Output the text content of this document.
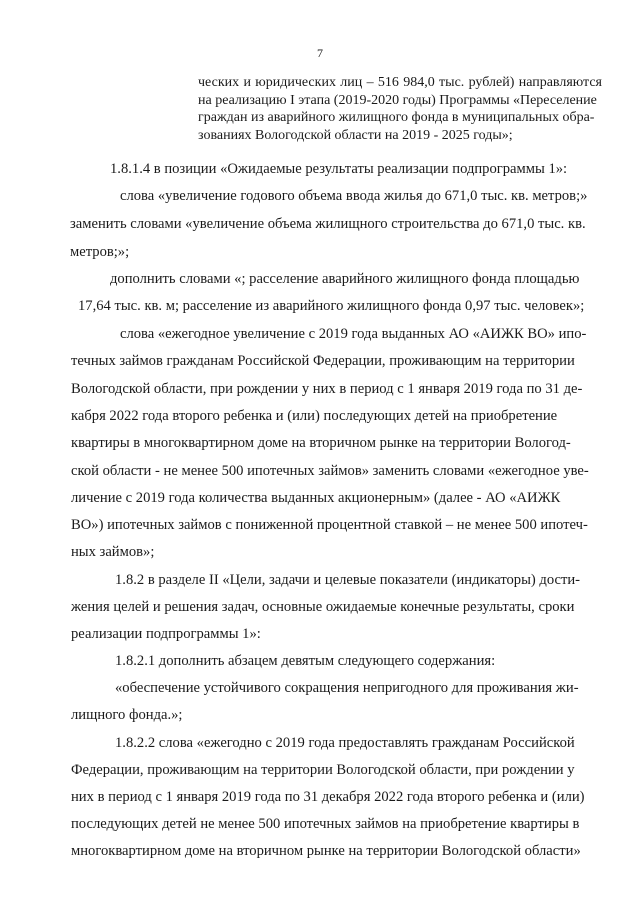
7
ческих и юридических лиц – 516 984,0 тыс. рублей) направляются
на реализацию I этапа (2019-2020 годы) Программы «Переселение
граждан из аварийного жилищного фонда в муниципальных обра-
зованиях Вологодской области на 2019 - 2025 годы»;
1.8.1.4 в позиции «Ожидаемые результаты реализации подпрограммы 1»:
слова «увеличение годового объема ввода жилья до 671,0 тыс. кв. метров;»
заменить словами «увеличение объема жилищного строительства до 671,0 тыс. кв.
метров;»;
дополнить словами «; расселение аварийного жилищного фонда площадью
17,64 тыс. кв. м; расселение из аварийного жилищного фонда 0,97 тыс. человек»;
слова «ежегодное увеличение с 2019 года выданных АО «АИЖК ВО» ипо-
течных займов гражданам Российской Федерации, проживающим на территории
Вологодской области, при рождении у них в период с 1 января 2019 года по 31 де-
кабря 2022 года второго ребенка и (или) последующих детей на приобретение
квартиры в многоквартирном доме на вторичном рынке на территории Вологод-
ской области - не менее 500 ипотечных займов» заменить словами «ежегодное уве-
личение с 2019 года количества выданных акционерным» (далее - АО «АИЖК
ВО») ипотечных займов с пониженной процентной ставкой – не менее 500 ипотеч-
ных займов»;
1.8.2 в разделе II «Цели, задачи и целевые показатели (индикаторы) дости-
жения целей и решения задач, основные ожидаемые конечные результаты, сроки
реализации подпрограммы 1»:
1.8.2.1 дополнить абзацем девятым следующего содержания:
«обеспечение устойчивого сокращения непригодного для проживания жи-
лищного фонда.»;
1.8.2.2 слова «ежегодно с 2019 года предоставлять гражданам Российской
Федерации, проживающим на территории Вологодской области, при рождении у
них в период с 1 января 2019 года по 31 декабря 2022 года второго ребенка и (или)
последующих детей не менее 500 ипотечных займов на приобретение квартиры в
многоквартирном доме на вторичном рынке на территории Вологодской области»
